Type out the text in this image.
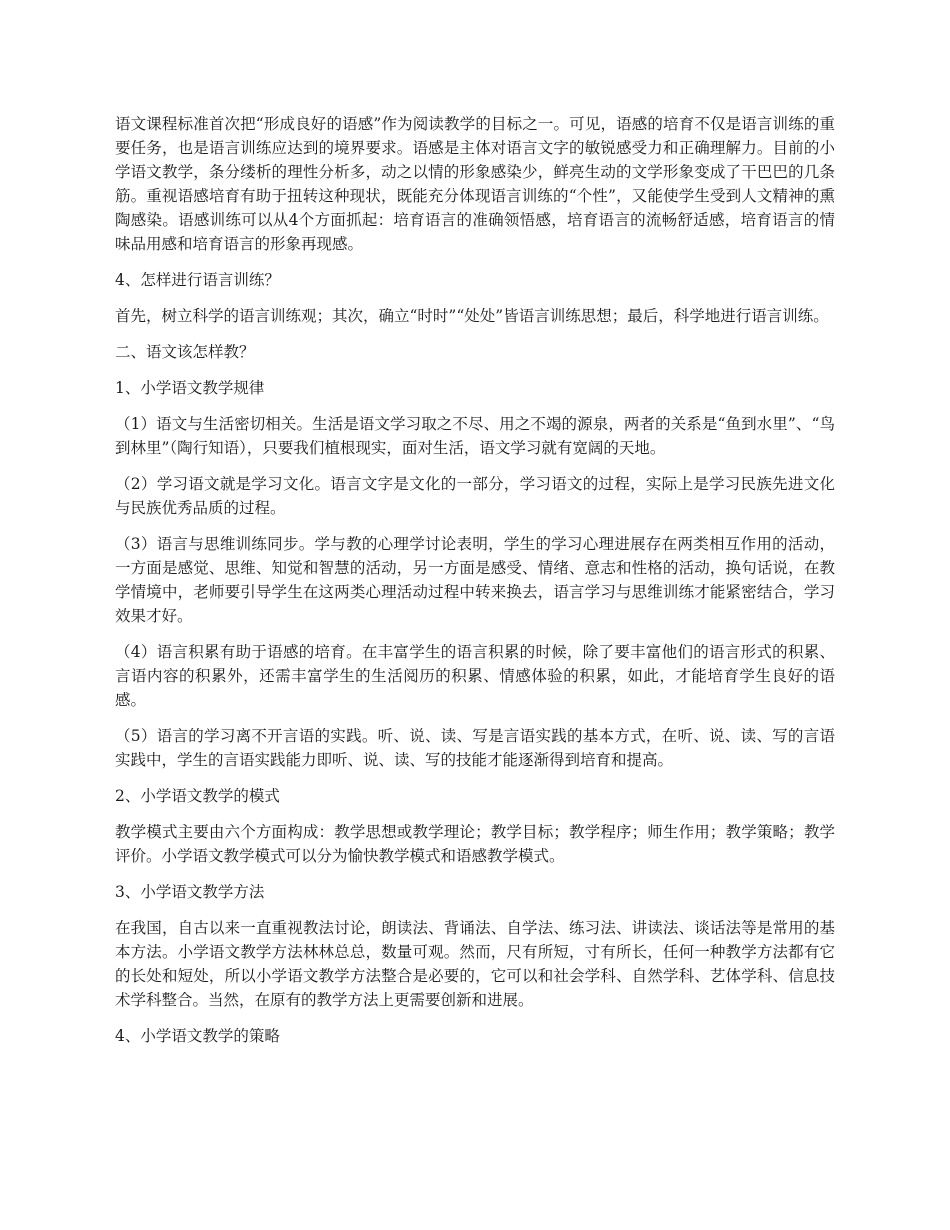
语文课程标准首次把“形成良好的语感”作为阅读教学的目标之一。可见，语感的培育不仅是语言训练的重要任务，也是语言训练应达到的境界要求。语感是主体对语言文字的敏锐感受力和正确理解力。目前的小学语文教学，条分缕析的理性分析多，动之以情的形象感染少，鲜亮生动的文学形象变成了干巴巴的几条筋。重视语感培育有助于扭转这种现状，既能充分体现语言训练的“个性”，又能使学生受到人文精神的熏陶感染。语感训练可以从4个方面抓起：培育语言的准确领悟感，培育语言的流畅舒适感，培育语言的情味品用感和培育语言的形象再现感。

4、怎样进行语言训练？

首先，树立科学的语言训练观；其次，确立“时时”“处处”皆语言训练思想；最后，科学地进行语言训练。

二、语文该怎样教？

1、小学语文教学规律

（1）语文与生活密切相关。生活是语文学习取之不尽、用之不竭的源泉，两者的关系是“鱼到水里”、“鸟到林里”（陶行知语），只要我们植根现实，面对生活，语文学习就有宽阔的天地。

（2）学习语文就是学习文化。语言文字是文化的一部分，学习语文的过程，实际上是学习民族先进文化与民族优秀品质的过程。

（3）语言与思维训练同步。学与教的心理学讨论表明，学生的学习心理进展存在两类相互作用的活动，一方面是感觉、思维、知觉和智慧的活动，另一方面是感受、情绪、意志和性格的活动，换句话说，在教学情境中，老师要引导学生在这两类心理活动过程中转来换去，语言学习与思维训练才能紧密结合，学习效果才好。

（4）语言积累有助于语感的培育。在丰富学生的语言积累的时候，除了要丰富他们的语言形式的积累、言语内容的积累外，还需丰富学生的生活阅历的积累、情感体验的积累，如此，才能培育学生良好的语感。

（5）语言的学习离不开言语的实践。听、说、读、写是言语实践的基本方式，在听、说、读、写的言语实践中，学生的言语实践能力即听、说、读、写的技能才能逐渐得到培育和提高。

2、小学语文教学的模式

教学模式主要由六个方面构成：教学思想或教学理论；教学目标；教学程序；师生作用；教学策略；教学评价。小学语文教学模式可以分为愉快教学模式和语感教学模式。

3、小学语文教学方法

在我国，自古以来一直重视教法讨论，朗读法、背诵法、自学法、练习法、讲读法、谈话法等是常用的基本方法。小学语文教学方法林林总总，数量可观。然而，尺有所短，寸有所长，任何一种教学方法都有它的长处和短处，所以小学语文教学方法整合是必要的，它可以和社会学科、自然学科、艺体学科、信息技术学科整合。当然，在原有的教学方法上更需要创新和进展。

4、小学语文教学的策略
